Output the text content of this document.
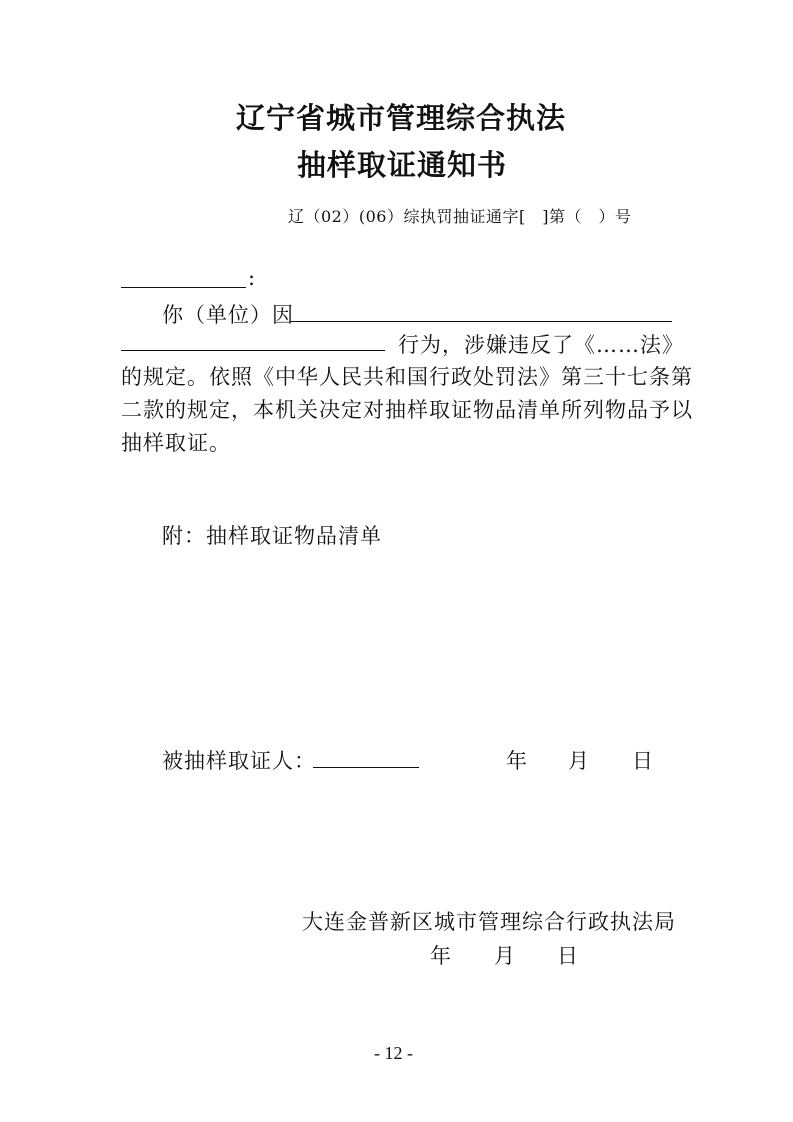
辽宁省城市管理综合执法
抽样取证通知书
辽（02）(06）综执罚抽证通字[　]第（　）号
:
你（单位）因
行为，涉嫌违反了《……法》
的规定。依照《中华人民共和国行政处罚法》第三十七条第
二款的规定，本机关决定对抽样取证物品清单所列物品予以
抽样取证。
附：抽样取证物品清单
被抽样取证人：	年 月 日
大连金普新区城市管理综合行政执法局
年 月 日
- 12 -
